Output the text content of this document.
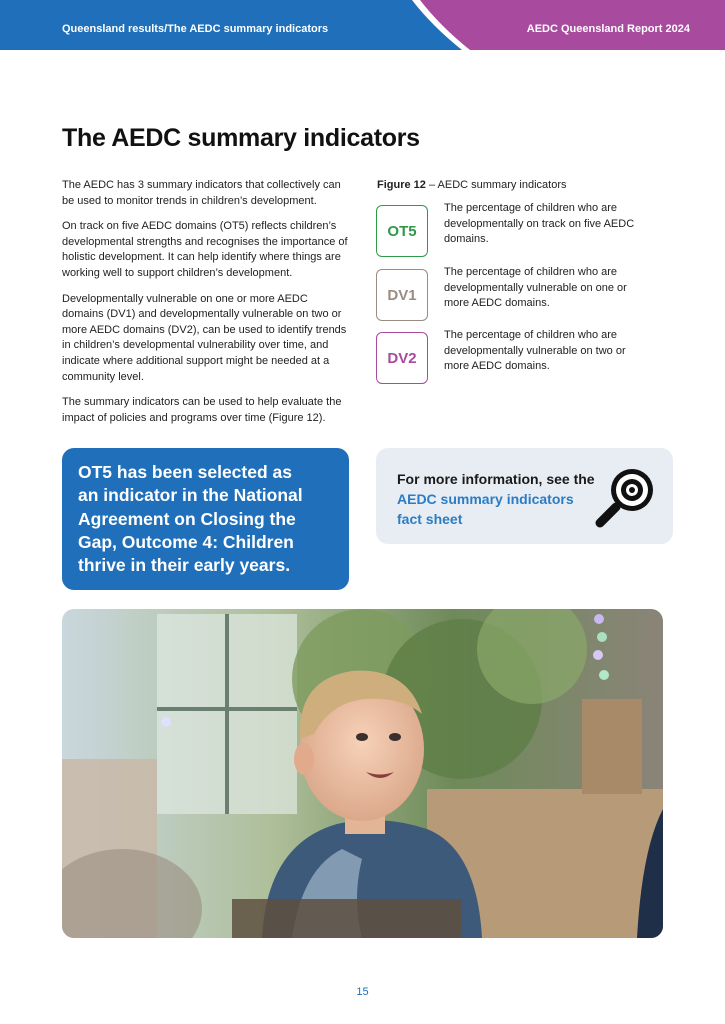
Queensland results/The AEDC summary indicators	AEDC Queensland Report 2024
The AEDC summary indicators

The AEDC has 3 summary indicators that collectively can be used to monitor trends in children’s development.

On track on five AEDC domains (OT5) reflects children’s developmental strengths and recognises the importance of holistic development. It can help identify where things are working well to support children’s development.

Developmentally vulnerable on one or more AEDC domains (DV1) and developmentally vulnerable on two or more AEDC domains (DV2), can be used to identify trends in children’s developmental vulnerability over time, and indicate where additional support might be needed at a community level.

The summary indicators can be used to help evaluate the impact of policies and programs over time (Figure 12).

Figure 12 – AEDC summary indicators
OT5
The percentage of children who are developmentally on track on five AEDC domains.
DV1
The percentage of children who are developmentally vulnerable on one or more AEDC domains.
DV2
The percentage of children who are developmentally vulnerable on two or more AEDC domains.
OT5 has been selected as
an indicator in the National
Agreement on Closing the
Gap, Outcome 4: Children
thrive in their early years.
For more information, see the AEDC summary indicators fact sheet
15
